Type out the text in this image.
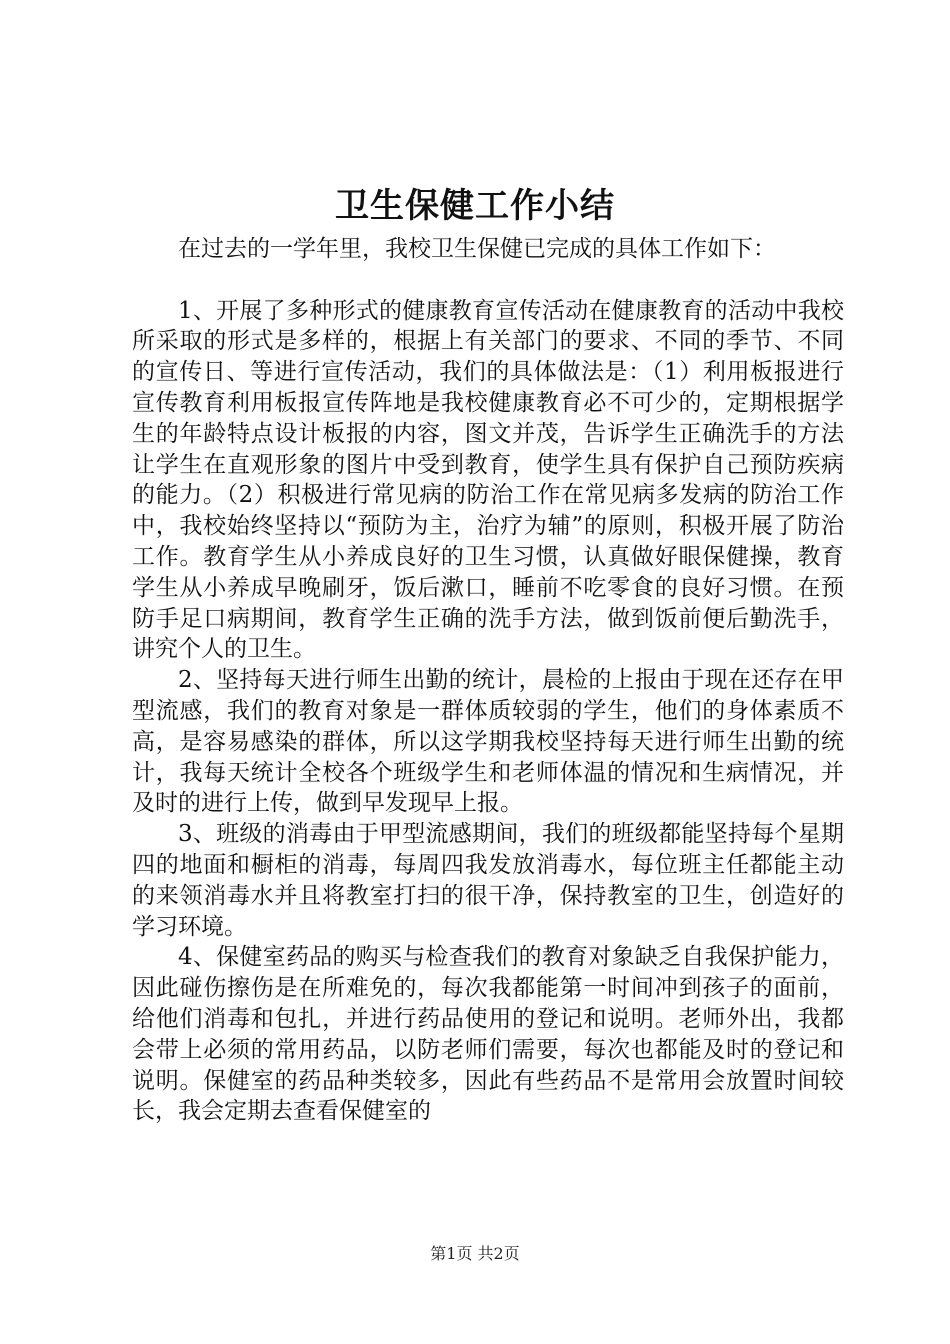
卫生保健工作小结

在过去的一学年里，我校卫生保健已完成的具体工作如下：

1、开展了多种形式的健康教育宣传活动在健康教育的活动中我校所采取的形式是多样的，根据上有关部门的要求、不同的季节、不同的宣传日、等进行宣传活动，我们的具体做法是：（1）利用板报进行宣传教育利用板报宣传阵地是我校健康教育必不可少的，定期根据学生的年龄特点设计板报的内容，图文并茂，告诉学生正确洗手的方法让学生在直观形象的图片中受到教育，使学生具有保护自己预防疾病的能力。（2）积极进行常见病的防治工作在常见病多发病的防治工作中，我校始终坚持以“预防为主，治疗为辅”的原则，积极开展了防治工作。教育学生从小养成良好的卫生习惯，认真做好眼保健操，教育学生从小养成早晚刷牙，饭后漱口，睡前不吃零食的良好习惯。在预防手足口病期间，教育学生正确的洗手方法，做到饭前便后勤洗手，讲究个人的卫生。

2、坚持每天进行师生出勤的统计，晨检的上报由于现在还存在甲型流感，我们的教育对象是一群体质较弱的学生，他们的身体素质不高，是容易感染的群体，所以这学期我校坚持每天进行师生出勤的统计，我每天统计全校各个班级学生和老师体温的情况和生病情况，并及时的进行上传，做到早发现早上报。

3、班级的消毒由于甲型流感期间，我们的班级都能坚持每个星期四的地面和橱柜的消毒，每周四我发放消毒水，每位班主任都能主动的来领消毒水并且将教室打扫的很干净，保持教室的卫生，创造好的学习环境。

4、保健室药品的购买与检查我们的教育对象缺乏自我保护能力，因此碰伤擦伤是在所难免的，每次我都能第一时间冲到孩子的面前，给他们消毒和包扎，并进行药品使用的登记和说明。老师外出，我都会带上必须的常用药品，以防老师们需要，每次也都能及时的登记和说明。保健室的药品种类较多，因此有些药品不是常用会放置时间较长，我会定期去查看保健室的

第1页 共2页
